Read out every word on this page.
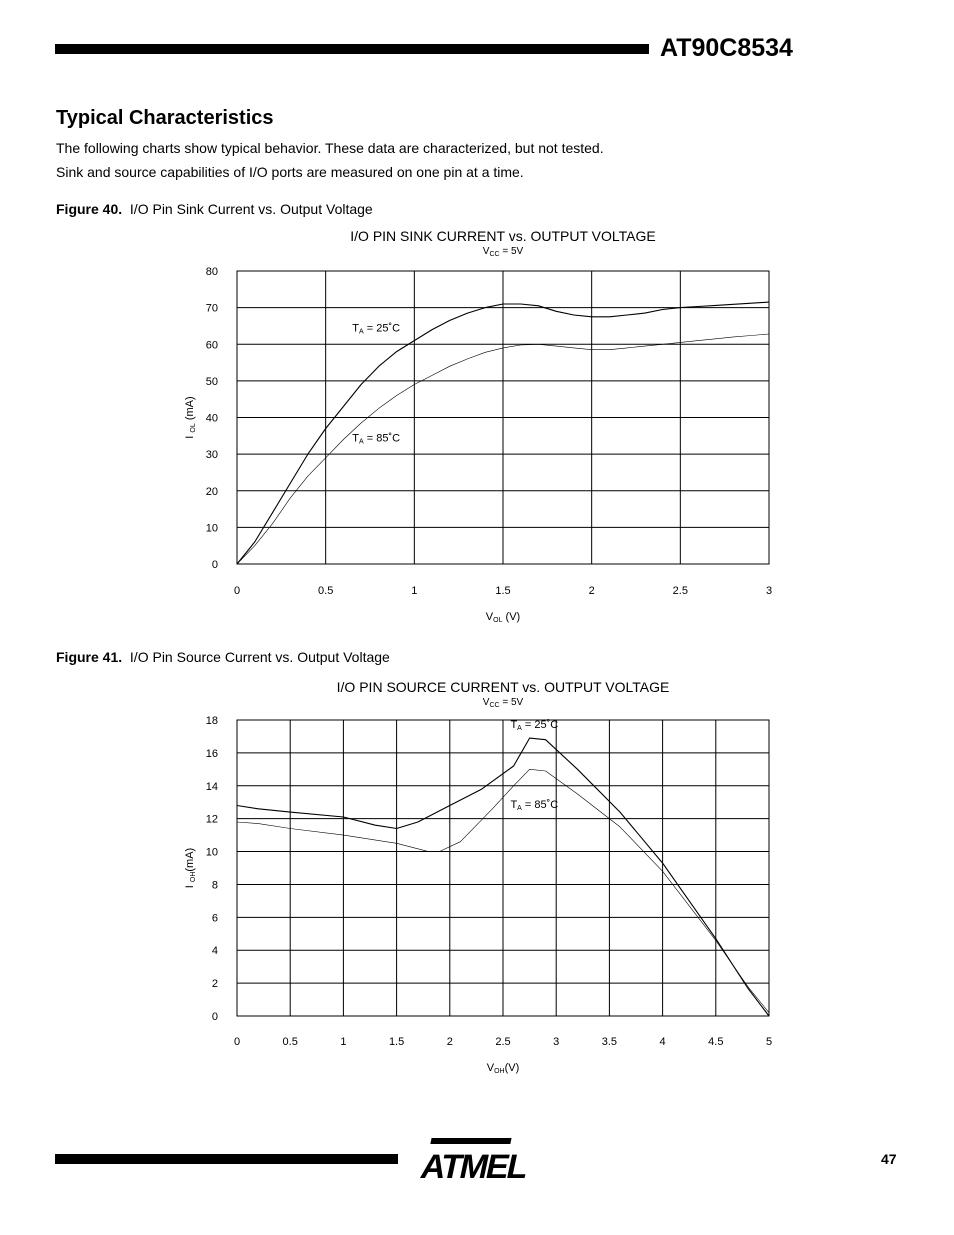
AT90C8534
Typical Characteristics
The following charts show typical behavior. These data are characterized, but not tested.
Sink and source capabilities of I/O ports are measured on one pin at a time.
Figure 40. I/O Pin Sink Current vs. Output Voltage
0	0.5	1	1.5	2	2.5	3
0
10
20
30
40
50
60
70
80
I/O PIN SINK CURRENT vs. OUTPUT VOLTAGE
$V_{CC} = 5V$
VOL (V)
I OL (mA)
TA = 25˚C
TA = 85˚C
Figure 41. I/O Pin Source Current vs. Output Voltage
0	0.5	1	1.5	2	2.5	3	3.5	4	4.5	5
0
2
4
6
8
10
12
14
16
18
I/O PIN SOURCE CURRENT vs. OUTPUT VOLTAGE
$V_{CC} = 5V$
VOH(V)
I OH(mA)
TA = 25˚C
TA = 85˚C
ATMEL	47
